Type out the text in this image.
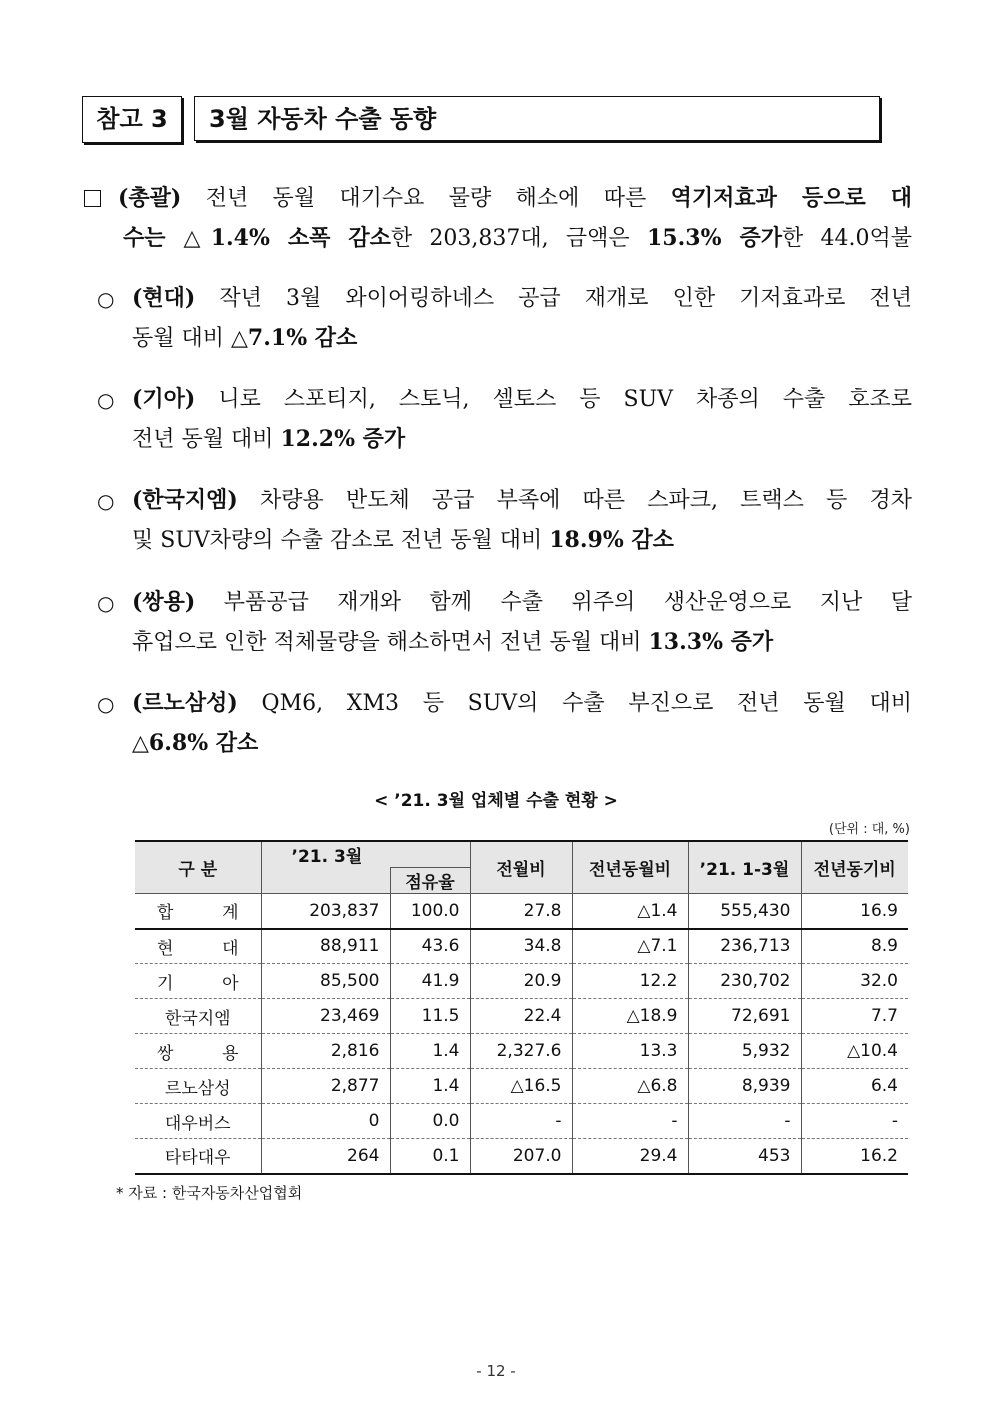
참고 3	3월 자동차 수출 동향
(총괄) 전년 동월 대기수요 물량 해소에 따른 역기저효과 등으로 대
수는 △1.4% 소폭 감소한 203,837대, 금액은 15.3% 증가한 44.0억불
○ (현대) 작년 3월 와이어링하네스 공급 재개로 인한 기저효과로 전년
동월 대비 △7.1% 감소
○ (기아) 니로 스포티지, 스토닉, 셀토스 등 SUV 차종의 수출 호조로
전년 동월 대비 12.2% 증가
○ (한국지엠) 차량용 반도체 공급 부족에 따른 스파크, 트랙스 등 경차
및 SUV차량의 수출 감소로 전년 동월 대비 18.9% 감소
○ (쌍용) 부품공급 재개와 함께 수출 위주의 생산운영으로 지난 달
휴업으로 인한 적체물량을 해소하면서 전년 동월 대비 13.3% 증가
○ (르노삼성) QM6, XM3 등 SUV의 수출 부진으로 전년 동월 대비
△6.8% 감소
< ’21. 3월 업체별 수출 현황 >
(단위 : 대, %)
구 분	’21. 3월		전월비	전년동월비	’21. 1-3월	전년동기비
		점유율				
합 계	203,837	100.0	27.8	△1.4	555,430	16.9
현 대	88,911	43.6	34.8	△7.1	236,713	8.9
기 아	85,500	41.9	20.9	12.2	230,702	32.0
한국지엠	23,469	11.5	22.4	△18.9	72,691	7.7
쌍 용	2,816	1.4	2,327.6	13.3	5,932	△10.4
르노삼성	2,877	1.4	△16.5	△6.8	8,939	6.4
대우버스	0	0.0	-	-	-	-
타타대우	264	0.1	207.0	29.4	453	16.2
* 자료 : 한국자동차산업협회
- 12 -
